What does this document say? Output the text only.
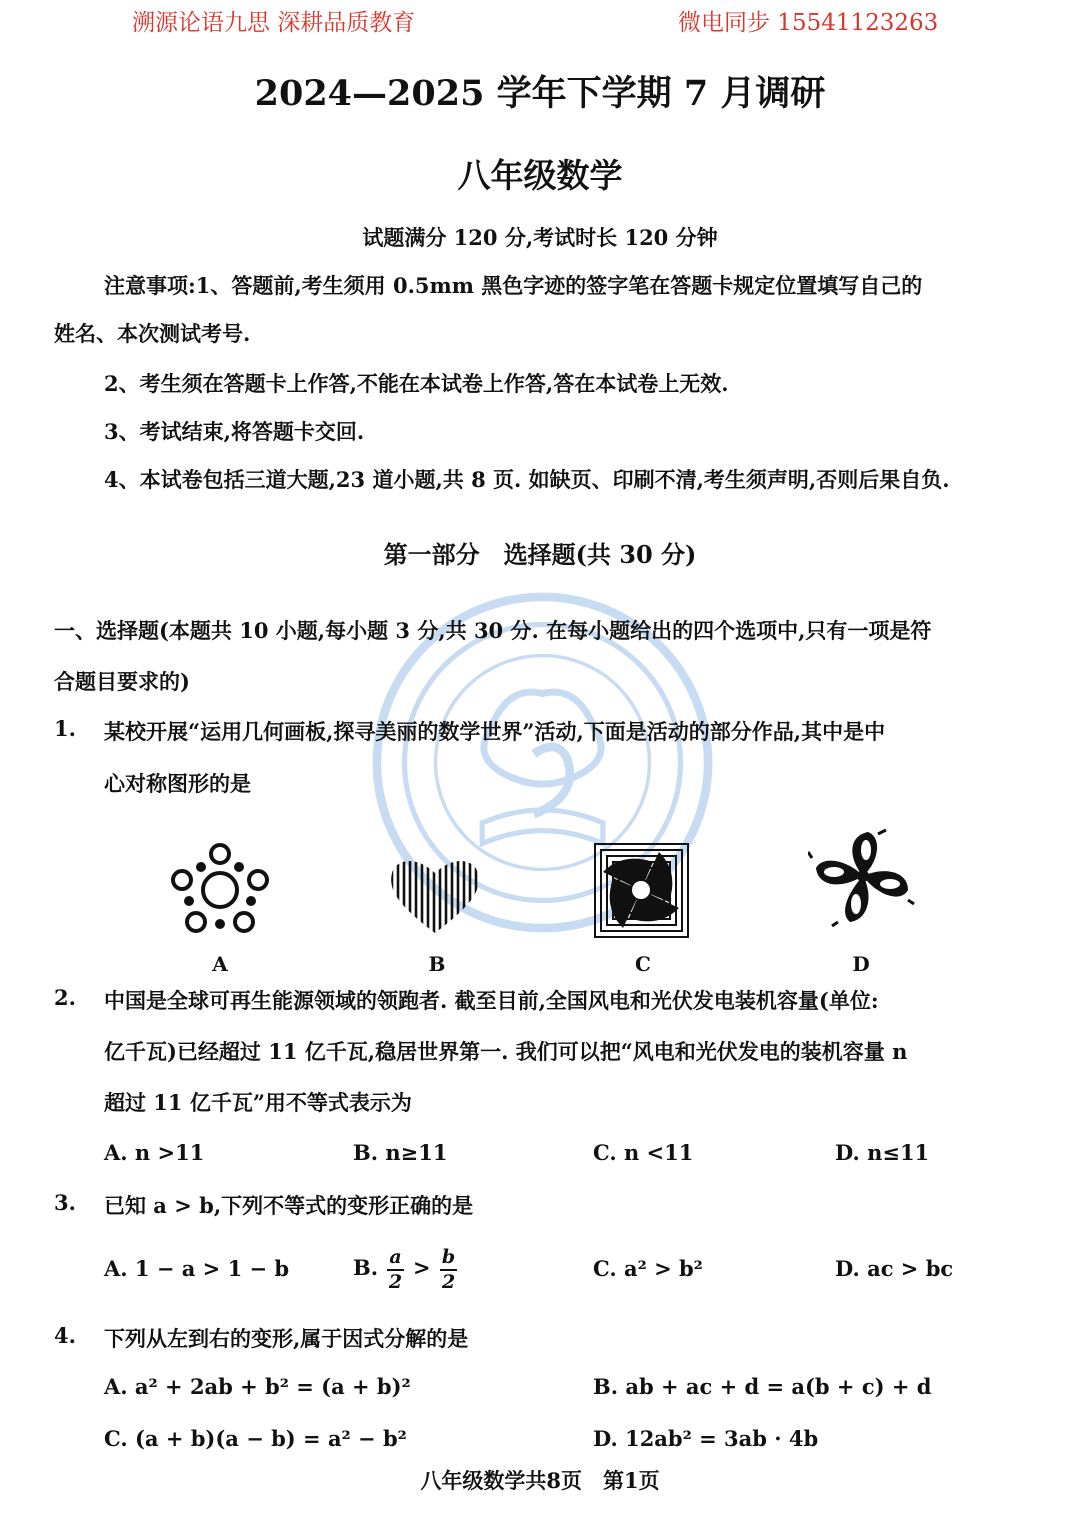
溯源论语九思 深耕品质教育	微电同步 15541123263
2024—2025 学年下学期 7 月调研
八年级数学
试题满分 120 分,考试时长 120 分钟
注意事项:1、答题前,考生须用 0.5mm 黑色字迹的签字笔在答题卡规定位置填写自己的
姓名、本次测试考号.
2、考生须在答题卡上作答,不能在本试卷上作答,答在本试卷上无效.
3、考试结束,将答题卡交回.
4、本试卷包括三道大题,23 道小题,共 8 页. 如缺页、印刷不清,考生须声明,否则后果自负.
第一部分　选择题(共 30 分)
一、选择题(本题共 10 小题,每小题 3 分,共 30 分. 在每小题给出的四个选项中,只有一项是符
合题目要求的)
1. 某校开展“运用几何画板,探寻美丽的数学世界”活动,下面是活动的部分作品,其中是中
心对称图形的是
A	B	C	D
2. 中国是全球可再生能源领域的领跑者. 截至目前,全国风电和光伏发电装机容量(单位:
亿千瓦)已经超过 11 亿千瓦,稳居世界第一. 我们可以把“风电和光伏发电的装机容量 n
超过 11 亿千瓦”用不等式表示为
A. n >11	B. n≥11	C. n <11	D. n≤11
3. 已知 a > b,下列不等式的变形正确的是
A. 1 − a > 1 − b	B. $\frac{a}{2} > \frac{b}{2}$	C. a² > b²	D. ac > bc
4. 下列从左到右的变形,属于因式分解的是
A. a² + 2ab + b² = (a + b)²	B. ab + ac + d = a(b + c) + d
C. (a + b)(a − b) = a² − b²	D. 12ab² = 3ab · 4b
八年级数学共8页　第1页
